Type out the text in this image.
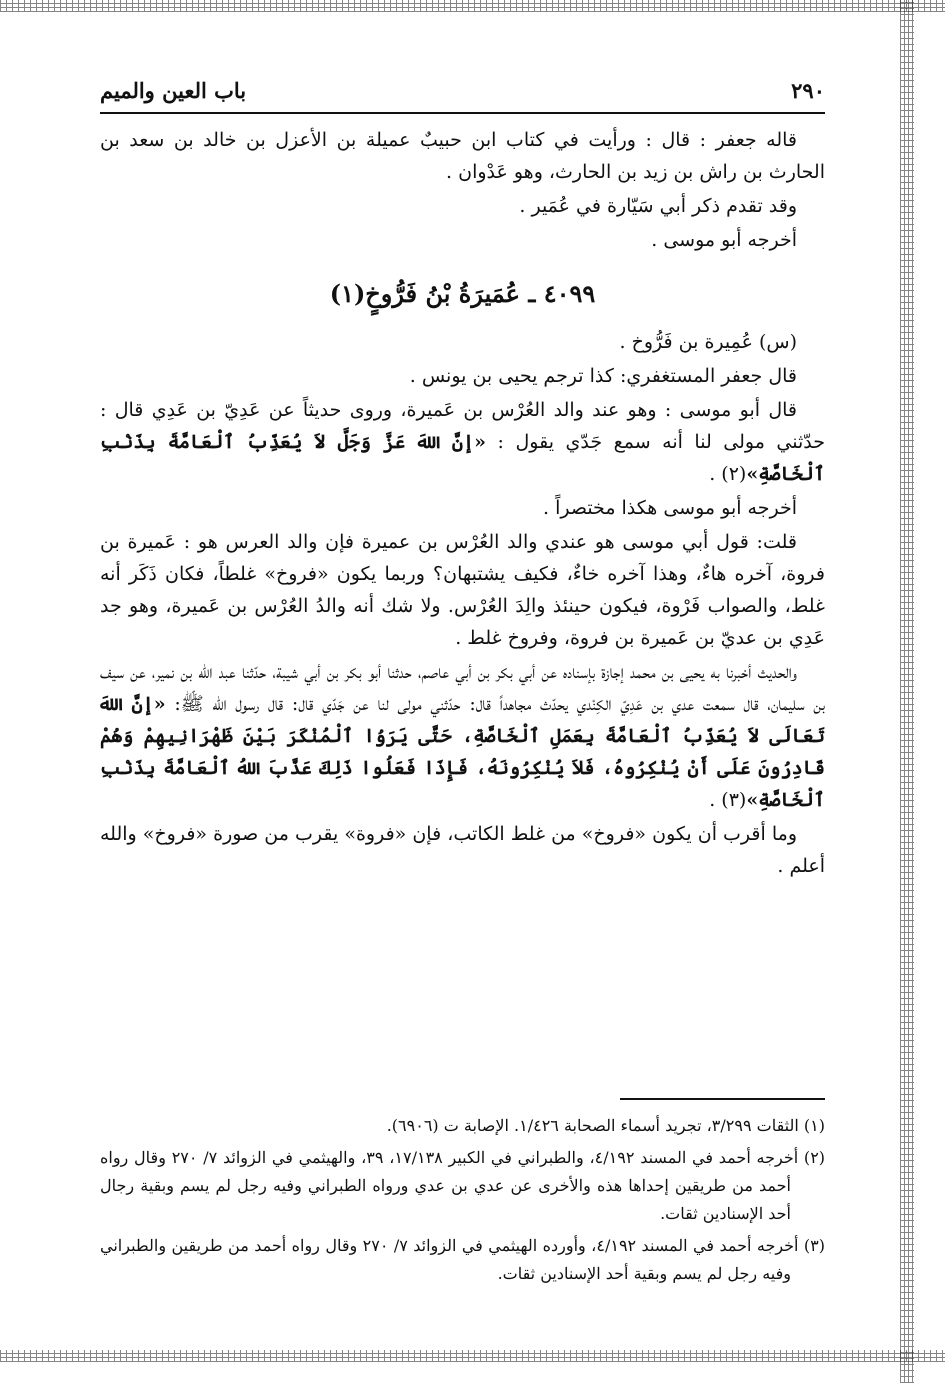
٢٩٠
باب العين والميم

قاله جعفر : قال : ورأيت في كتاب ابن حبيبٌ عميلة بن الأعزل بن خالد بن سعد بن الحارث بن راش بن زيد بن الحارث، وهو عَدْوان .

وقد تقدم ذكر أبي سَيّارة في عُمَير .

أخرجه أبو موسى .

٤٠٩٩ ـ عُمَيرَةُ بْنُ فَرُّوخٍ(١)

(س) عُمِيرة بن فَرُّوخ .

قال جعفر المستغفري: كذا ترجم يحيى بن يونس .

قال أبو موسى : وهو عند والد العُرْس بن عَميرة، وروى حديثاً عن عَدِيّ بن عَدِي قال : حدّثني مولى لنا أنه سمع جَدّي يقول : «إنَّ اللهَ عَزَّ وَجَلَّ لاَ يُعَذِّبُ ٱلْعَامَّةَ بِذَنْبِ ٱلْخَاصَّةِ»(٢) .

أخرجه أبو موسى هكذا مختصراً .

قلت: قول أبي موسى هو عندي والد العُرْس بن عميرة فإن والد العرس هو : عَميرة بن فروة، آخره هاءٌ، وهذا آخره خاءٌ، فكيف يشتبهان؟ وربما يكون «فروخ» غلطاً، فكان ذَكَر أنه غلط، والصواب فَرْوة، فيكون حينئذ والِدَ العُرْس. ولا شك أنه والدُ العُرْس بن عَميرة، وهو جد عَدِي بن عديّ بن عَميرة بن فروة، وفروخ غلط .

والحديث أخبرنا به يحيى بن محمد إجازة بإسناده عن أبي بكر بن أبي عاصم، حدثنا أبو بكر بن أبي شيبة، حدّثنا عبد الله بن نمير، عن سيف بن سليمان، قال سمعت عدي بن عَدِيّ الكِنْدي يحدّث مجاهداً قال: حدّثني مولى لنا عن جَدّي قال: قال رسول الله ﷺ: «إنَّ اللهَ تَعَالَى لاَ يُعَذِّبُ ٱلْعَامَّةَ بِعَمَلِ ٱلْخَاصَّةِ، حَتَّى يَرَوُا ٱلْمُنْكَرَ بَيْنَ ظَهْرَانِيهِمْ وَهُمْ قَادِرُونَ عَلَى أَنْ يُنْكِرُوهُ، فَلاَ يُنْكِرُونَهُ، فَإِذَا فَعَلُوا ذَلِكَ عَذَّبَ اللهُ ٱلْعَامَّةَ بِذَنْبِ ٱلْخَاصَّةِ»(٣) .

وما أقرب أن يكون «فروخ» من غلط الكاتب، فإن «فروة» يقرب من صورة «فروخ» والله أعلم .

(١) الثقات ٣/٢٩٩، تجريد أسماء الصحابة ١/٤٢٦. الإصابة ت (٦٩٠٦).

(٢) أخرجه أحمد في المسند ٤/١٩٢، والطبراني في الكبير ١٧/١٣٨، ٣٩، والهيثمي في الزوائد ٧/ ٢٧٠ وقال رواه أحمد من طريقين إحداها هذه والأخرى عن عدي بن عدي ورواه الطبراني وفيه رجل لم يسم وبقية رجال أحد الإسنادين ثقات.

(٣) أخرجه أحمد في المسند ٤/١٩٢، وأورده الهيثمي في الزوائد ٧/ ٢٧٠ وقال رواه أحمد من طريقين والطبراني وفيه رجل لم يسم وبقية أحد الإسنادين ثقات.
